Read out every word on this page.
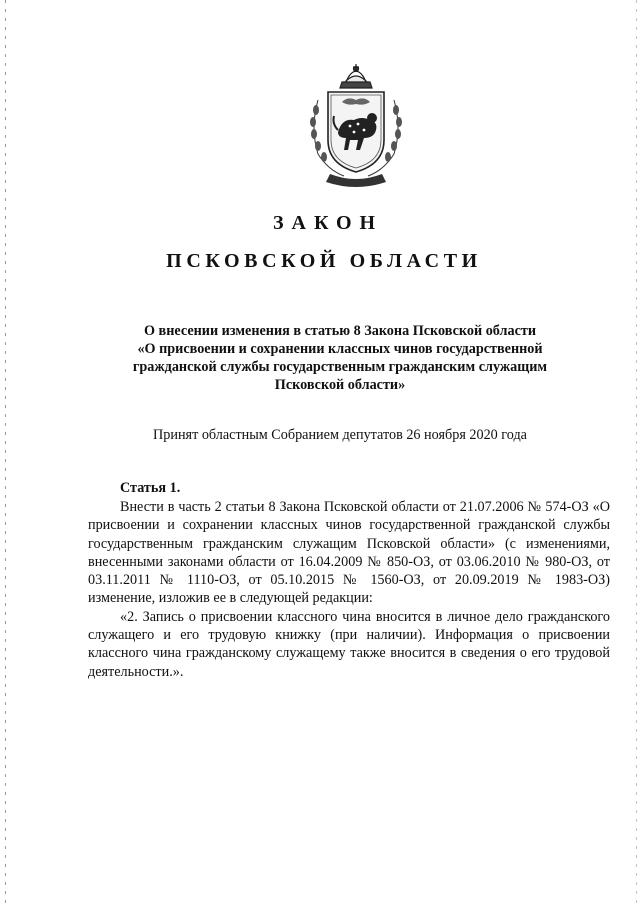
ЗАКОН
ПСКОВСКОЙ ОБЛАСТИ
О внесении изменения в статью 8 Закона Псковской области
«О присвоении и сохранении классных чинов государственной
гражданской службы государственным гражданским служащим
Псковской области»
Принят областным Собранием депутатов 26 ноября 2020 года
Статья 1.

Внести в часть 2 статьи 8 Закона Псковской области от 21.07.2006 № 574-ОЗ «О присвоении и сохранении классных чинов государственной гражданской службы государственным гражданским служащим Псковской области» (с изменениями, внесенными законами области от 16.04.2009 № 850-ОЗ, от 03.06.2010 № 980-ОЗ, от 03.11.2011 № 1110-ОЗ, от 05.10.2015 № 1560-ОЗ, от 20.09.2019 № 1983-ОЗ) изменение, изложив ее в следующей редакции:

«2. Запись о присвоении классного чина вносится в личное дело гражданского служащего и его трудовую книжку (при наличии). Информация о присвоении классного чина гражданскому служащему также вносится в сведения о его трудовой деятельности.».
